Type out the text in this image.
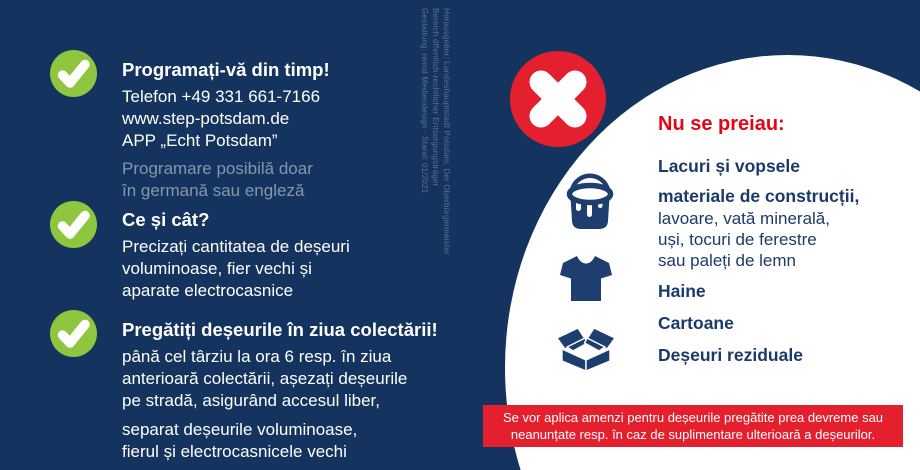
Programați-vă din timp!
Telefon +49 331 661-7166
www.step-potsdam.de
APP „Echt Potsdam”
Programare posibilă doar
în germană sau engleză
Ce și cât?
Precizați cantitatea de deșeuri
voluminoase, fier vechi și
aparate electrocasnice
Pregătiți deșeurile în ziua colectării!
până cel târziu la ora 6 resp. în ziua
anterioară colectării, așezați deșeurile
pe stradă, asigurând accesul liber,
separat deșeurile voluminoase,
fierul și electrocasnicele vechi
Herausgeber: Landeshauptstadt Potsdam, Der Oberbürgermeister
Bereich öffentlich-rechtlicher Entsorgungsträger
Gestaltung: rwmd Mediendesign · Stand: 01/2021	Nu se preiau:
Lacuri și vopsele
materiale de construcții,
lavoare, vată minerală,
uși, tocuri de ferestre
sau paleți de lemn
Haine
Cartoane
Deșeuri reziduale
Se vor aplica amenzi pentru deșeurile pregătite prea devreme sau
neanunțate resp. în caz de suplimentare ulterioară a deșeurilor.
